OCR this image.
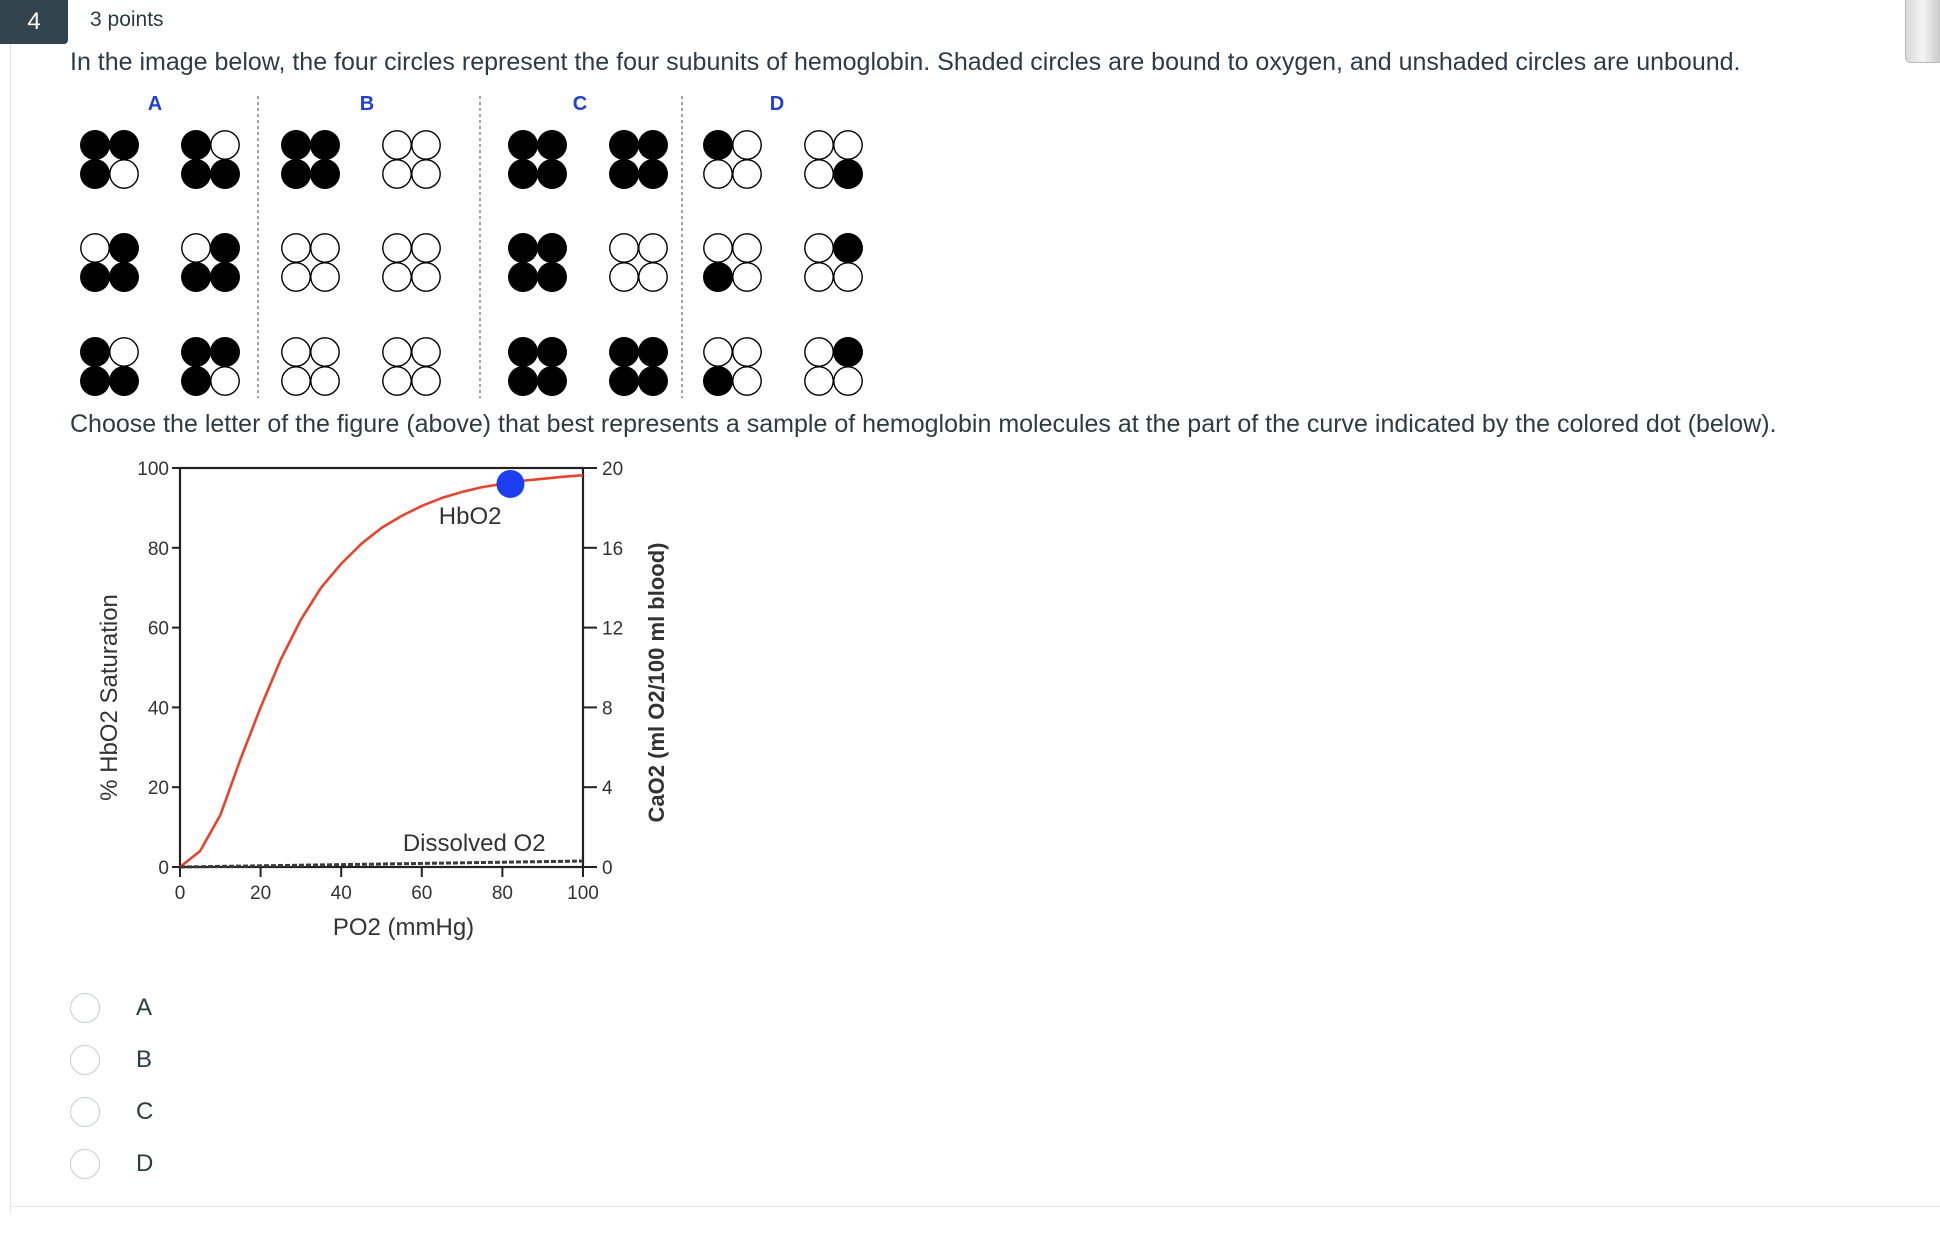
4	3 points
In the image below, the four circles represent the four subunits of hemoglobin. Shaded circles are bound to oxygen, and unshaded circles are unbound.
A	B	C	D
Choose the letter of the figure (above) that best represents a sample of hemoglobin molecules at the part of the curve indicated by the colored dot (below).
0
20
40
60
80
100
0
4
8
12
16
20
0	20	40	60	80	100
PO2 (mmHg)
% HbO2 Saturation	CaO2 (ml O2/100 ml blood)
HbO2
Dissolved O2
A
B
C
D
